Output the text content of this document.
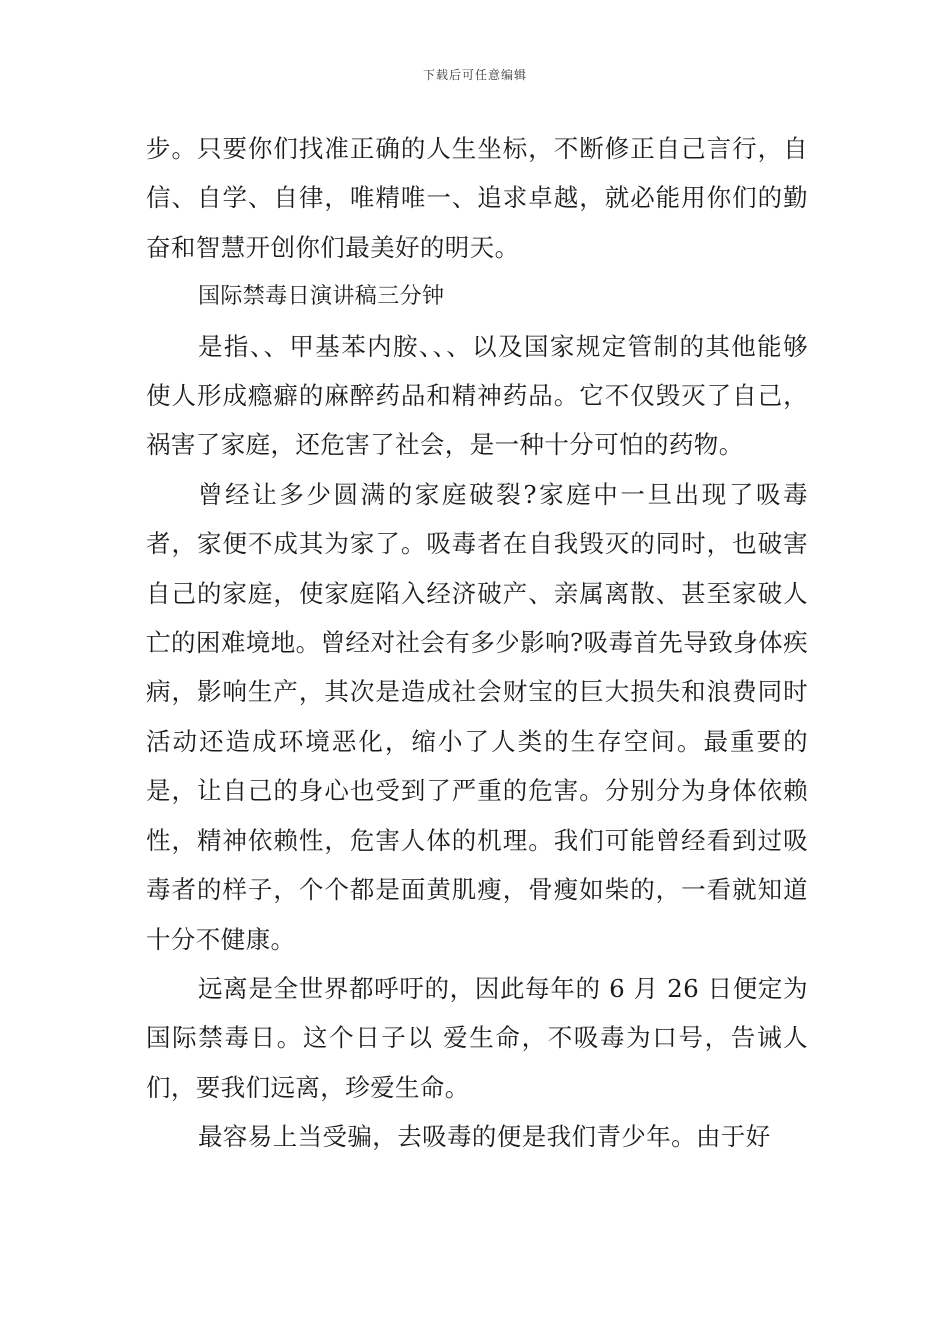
下载后可任意编辑

步。只要你们找准正确的人生坐标，不断修正自己言行，自信、自学、自律，唯精唯一、追求卓越，就必能用你们的勤奋和智慧开创你们最美好的明天。

国际禁毒日演讲稿三分钟

是指、、甲基苯内胺、、、以及国家规定管制的其他能够使人形成瘾癖的麻醉药品和精神药品。它不仅毁灭了自己，祸害了家庭，还危害了社会，是一种十分可怕的药物。

曾经让多少圆满的家庭破裂?家庭中一旦出现了吸毒者，家便不成其为家了。吸毒者在自我毁灭的同时，也破害自己的家庭，使家庭陷入经济破产、亲属离散、甚至家破人亡的困难境地。曾经对社会有多少影响?吸毒首先导致身体疾病，影响生产，其次是造成社会财宝的巨大损失和浪费同时活动还造成环境恶化，缩小了人类的生存空间。最重要的是，让自己的身心也受到了严重的危害。分别分为身体依赖性，精神依赖性，危害人体的机理。我们可能曾经看到过吸毒者的样子，个个都是面黄肌瘦，骨瘦如柴的，一看就知道十分不健康。

远离是全世界都呼吁的，因此每年的 6 月 26 日便定为国际禁毒日。这个日子以 爱生命，不吸毒为口号，告诫人们，要我们远离，珍爱生命。

最容易上当受骗，去吸毒的便是我们青少年。由于好
